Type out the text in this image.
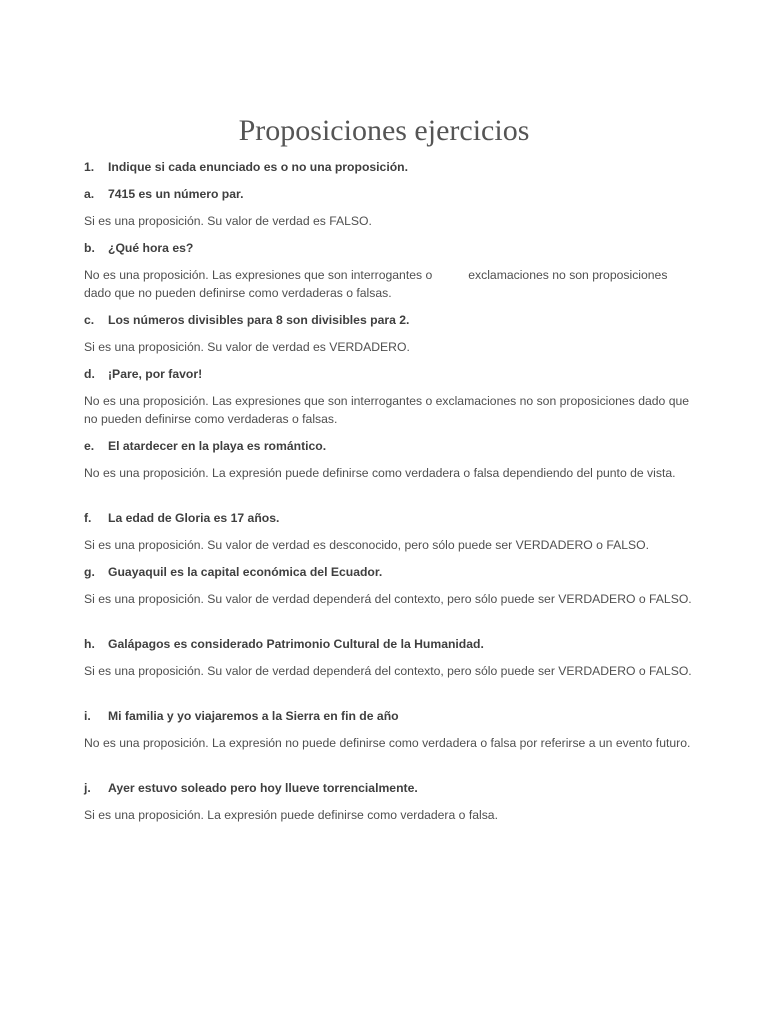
Proposiciones ejercicios

1. Indique si cada enunciado es o no una proposición.

a. 7415 es un número par.

Si es una proposición. Su valor de verdad es FALSO.

b. ¿Qué hora es?

No es una proposición. Las expresiones que son interrogantes o	exclamaciones no son proposiciones dado que no pueden definirse como verdaderas o falsas.

c. Los números divisibles para 8 son divisibles para 2.

Si es una proposición. Su valor de verdad es VERDADERO.

d. ¡Pare, por favor!

No es una proposición. Las expresiones que son interrogantes o exclamaciones no son proposiciones dado que no pueden definirse como verdaderas o falsas.

e. El atardecer en la playa es romántico.

No es una proposición. La expresión puede definirse como verdadera o falsa dependiendo del punto de vista.

f. La edad de Gloria es 17 años.

Si es una proposición. Su valor de verdad es desconocido, pero sólo puede ser VERDADERO o FALSO.

g. Guayaquil es la capital económica del Ecuador.

Si es una proposición. Su valor de verdad dependerá del contexto, pero sólo puede ser VERDADERO o FALSO.

h. Galápagos es considerado Patrimonio Cultural de la Humanidad.

Si es una proposición. Su valor de verdad dependerá del contexto, pero sólo puede ser VERDADERO o FALSO.

i. Mi familia y yo viajaremos a la Sierra en fin de año

No es una proposición. La expresión no puede definirse como verdadera o falsa por referirse a un evento futuro.

j. Ayer estuvo soleado pero hoy llueve torrencialmente.

Si es una proposición. La expresión puede definirse como verdadera o falsa.
